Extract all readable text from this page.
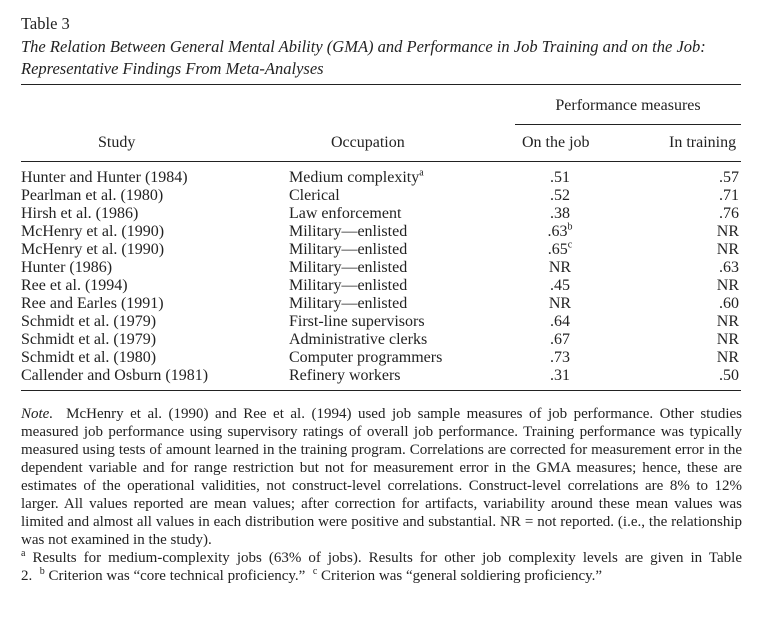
Table 3
The Relation Between General Mental Ability (GMA) and Performance in Job Training and on the Job: Representative Findings From Meta-Analyses
Performance measures
Study	Occupation	On the job	In training
Hunter and Hunter (1984)	Medium complexity$^a$	.51	.57
Pearlman et al. (1980)	Clerical	.52	.71
Hirsh et al. (1986)	Law enforcement	.38	.76
McHenry et al. (1990)	Military—enlisted	.63$^b$	NR
McHenry et al. (1990)	Military—enlisted	.65$^c$	NR
Hunter (1986)	Military—enlisted	NR	.63
Ree et al. (1994)	Military—enlisted	.45	NR
Ree and Earles (1991)	Military—enlisted	NR	.60
Schmidt et al. (1979)	First-line supervisors	.64	NR
Schmidt et al. (1979)	Administrative clerks	.67	NR
Schmidt et al. (1980)	Computer programmers	.73	NR
Callender and Osburn (1981)	Refinery workers	.31	.50

Note. McHenry et al. (1990) and Ree et al. (1994) used job sample measures of job performance. Other studies measured job performance using supervisory ratings of overall job performance. Training performance was typically measured using tests of amount learned in the training program. Correlations are corrected for measurement error in the dependent variable and for range restriction but not for measurement error in the GMA measures; hence, these are estimates of the operational validities, not construct-level correlations. Construct-level correlations are 8% to 12% larger. All values reported are mean values; after correction for artifacts, variability around these mean values was limited and almost all values in each distribution were positive and substantial. NR = not reported. (i.e., the relationship was not examined in the study).

$^a$ Results for medium-complexity jobs (63% of jobs). Results for other job complexity levels are given in Table 2. $^b$ Criterion was “core technical proficiency.” $^c$ Criterion was “general soldiering proficiency.”
